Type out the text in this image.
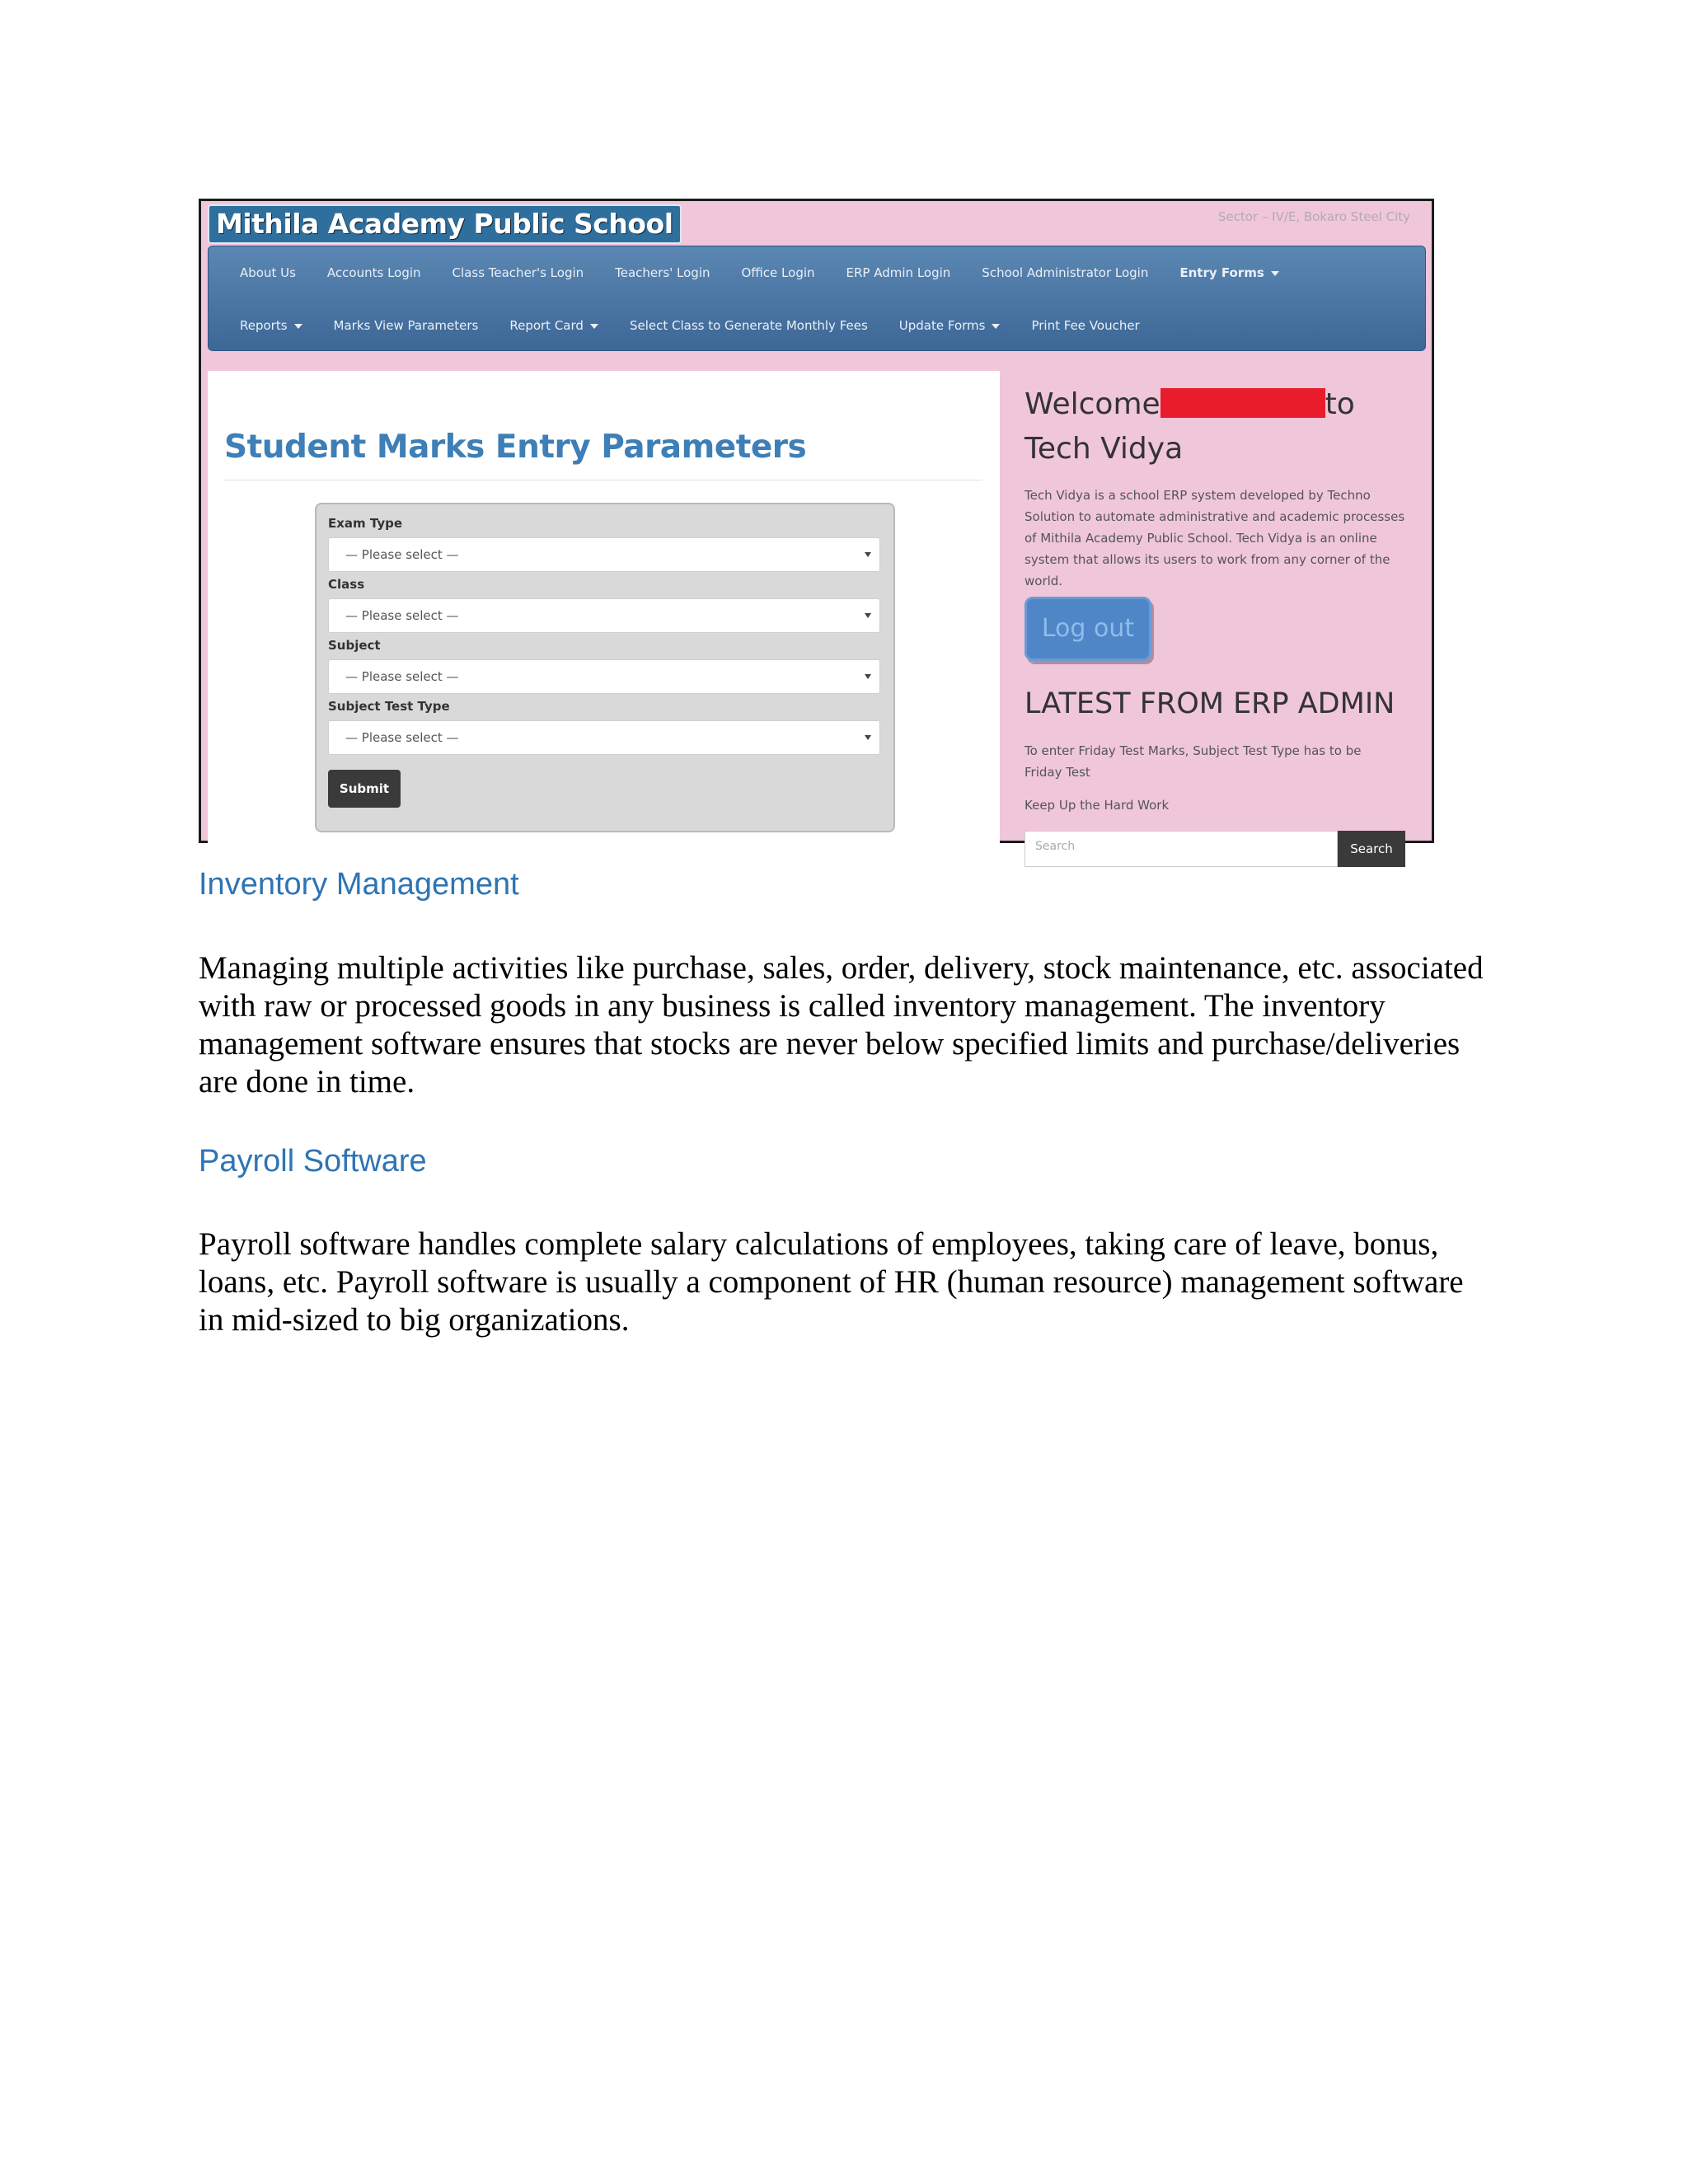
Mithila Academy Public School	Sector – IV/E, Bokaro Steel City
About Us	Accounts Login	Class Teacher's Login	Teachers' Login	Office Login	ERP Admin Login	School Administrator Login	Entry Forms
Reports	Marks View Parameters	Report Card	Select Class to Generate Monthly Fees	Update Forms	Print Fee Voucher
Student Marks Entry Parameters
Exam Type
— Please select —
Class
— Please select —
Subject
— Please select —
Subject Test Type
— Please select —
Submit
Welcome	to
Tech Vidya
Tech Vidya is a school ERP system developed by Techno Solution to automate administrative and academic processes of Mithila Academy Public School. Tech Vidya is an online system that allows its users to work from any corner of the world.
Log out
LATEST FROM ERP ADMIN
To enter Friday Test Marks, Subject Test Type has to be Friday Test
Keep Up the Hard Work
Search	Search
Inventory Management
Managing multiple activities like purchase, sales, order, delivery, stock maintenance, etc. associated with raw or processed goods in any business is called inventory management. The inventory management software ensures that stocks are never below specified limits and purchase/deliveries are done in time.
Payroll Software
Payroll software handles complete salary calculations of employees, taking care of leave, bonus, loans, etc. Payroll software is usually a component of HR (human resource) management software in mid-sized to big organizations.
